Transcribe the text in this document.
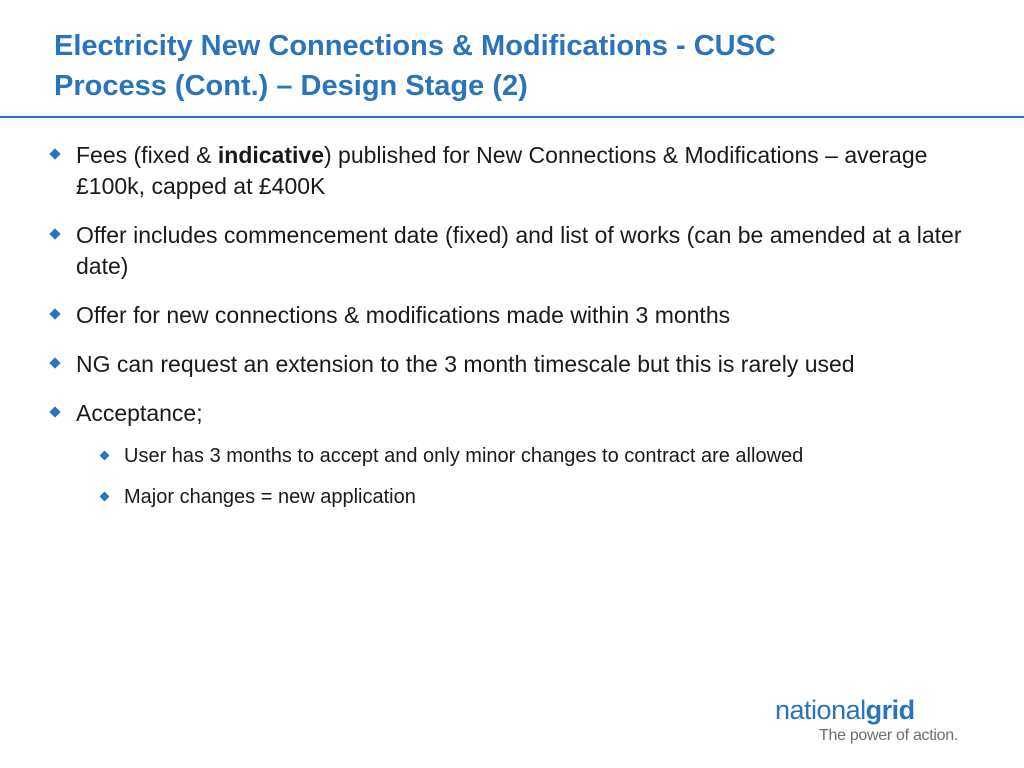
Electricity New Connections & Modifications - CUSC
Process (Cont.) – Design Stage (2)
Fees (fixed & indicative) published for New Connections & Modifications – average £100k, capped at £400K
Offer includes commencement date (fixed) and list of works (can be amended at a later date)
Offer for new connections & modifications made within 3 months
NG can request an extension to the 3 month timescale but this is rarely used
Acceptance;
User has 3 months to accept and only minor changes to contract are allowed
Major changes = new application
nationalgrid
The power of action.
